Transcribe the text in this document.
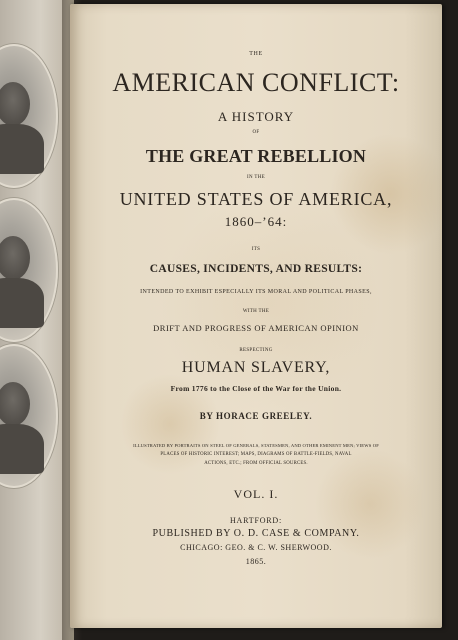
THE
AMERICAN CONFLICT:
A HISTORY
OF
THE GREAT REBELLION
IN THE
UNITED STATES OF AMERICA,
1860–’64:
ITS
CAUSES, INCIDENTS, AND RESULTS:
INTENDED TO EXHIBIT ESPECIALLY ITS MORAL AND POLITICAL PHASES,
WITH THE
DRIFT AND PROGRESS OF AMERICAN OPINION
RESPECTING
HUMAN SLAVERY,
From 1776 to the Close of the War for the Union.
BY HORACE GREELEY.
ILLUSTRATED BY PORTRAITS ON STEEL OF GENERALS, STATESMEN, AND OTHER EMINENT MEN; VIEWS OF
PLACES OF HISTORIC INTEREST; MAPS, DIAGRAMS OF BATTLE-FIELDS, NAVAL
ACTIONS, ETC.; FROM OFFICIAL SOURCES.
VOL. I.
HARTFORD:
PUBLISHED BY O. D. CASE & COMPANY.
CHICAGO: GEO. & C. W. SHERWOOD.
1865.
